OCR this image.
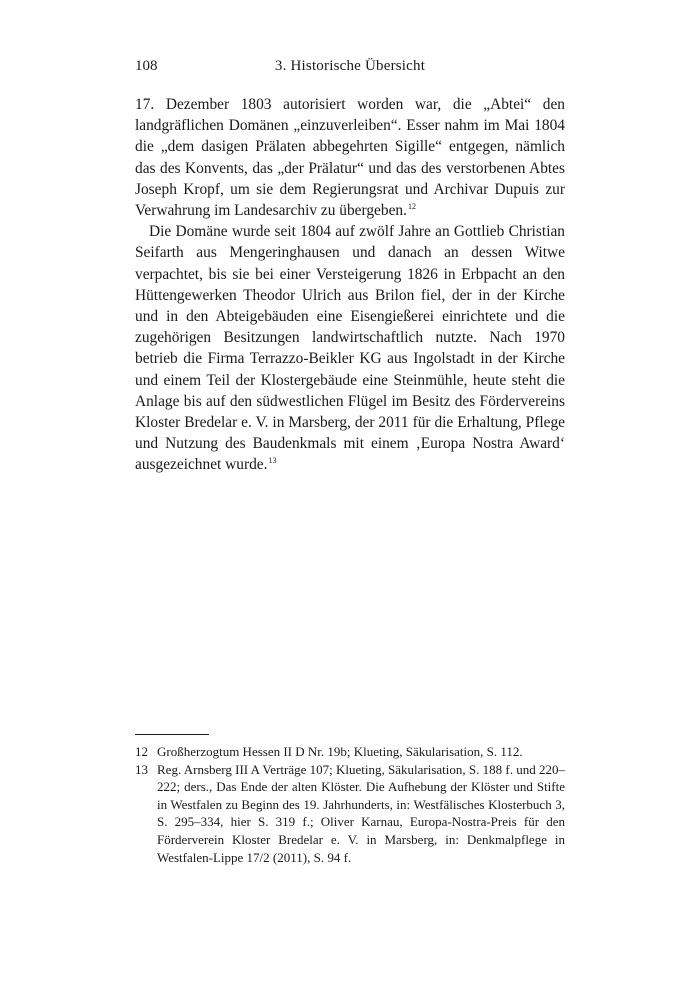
108	3. Historische Übersicht

17. Dezember 1803 autorisiert worden war, die „Abtei“ den landgräflichen Domänen „einzuverleiben“. Esser nahm im Mai 1804 die „dem dasigen Prälaten abbegehrten Sigille“ entgegen, nämlich das des Konvents, das „der Prälatur“ und das des verstorbenen Abtes Joseph Kropf, um sie dem Regierungsrat und Archivar Dupuis zur Verwahrung im Landesarchiv zu übergeben.$^{12}$

Die Domäne wurde seit 1804 auf zwölf Jahre an Gottlieb Christian Seifarth aus Mengeringhausen und danach an dessen Witwe verpachtet, bis sie bei einer Versteigerung 1826 in Erbpacht an den Hüttengewerken Theodor Ulrich aus Brilon fiel, der in der Kirche und in den Abteigebäuden eine Eisengießerei einrichtete und die zugehörigen Besitzungen landwirtschaftlich nutzte. Nach 1970 betrieb die Firma Terrazzo-Beikler KG aus Ingolstadt in der Kirche und einem Teil der Klostergebäude eine Steinmühle, heute steht die Anlage bis auf den südwestlichen Flügel im Besitz des Fördervereins Kloster Bredelar e. V. in Marsberg, der 2011 für die Erhaltung, Pflege und Nutzung des Baudenkmals mit einem ‚Europa Nostra Award‘ ausgezeichnet wurde.$^{13}$

12 Großherzogtum Hessen II D Nr. 19b; Klueting, Säkularisation, S. 112.
13 Reg. Arnsberg III A Verträge 107; Klueting, Säkularisation, S. 188 f. und 220–222; ders., Das Ende der alten Klöster. Die Aufhebung der Klöster und Stifte in Westfalen zu Beginn des 19. Jahrhunderts, in: Westfälisches Klosterbuch 3, S. 295–334, hier S. 319 f.; Oliver Karnau, Europa-Nostra-Preis für den Förderverein Kloster Bredelar e. V. in Marsberg, in: Denkmalpflege in Westfalen-Lippe 17/2 (2011), S. 94 f.
